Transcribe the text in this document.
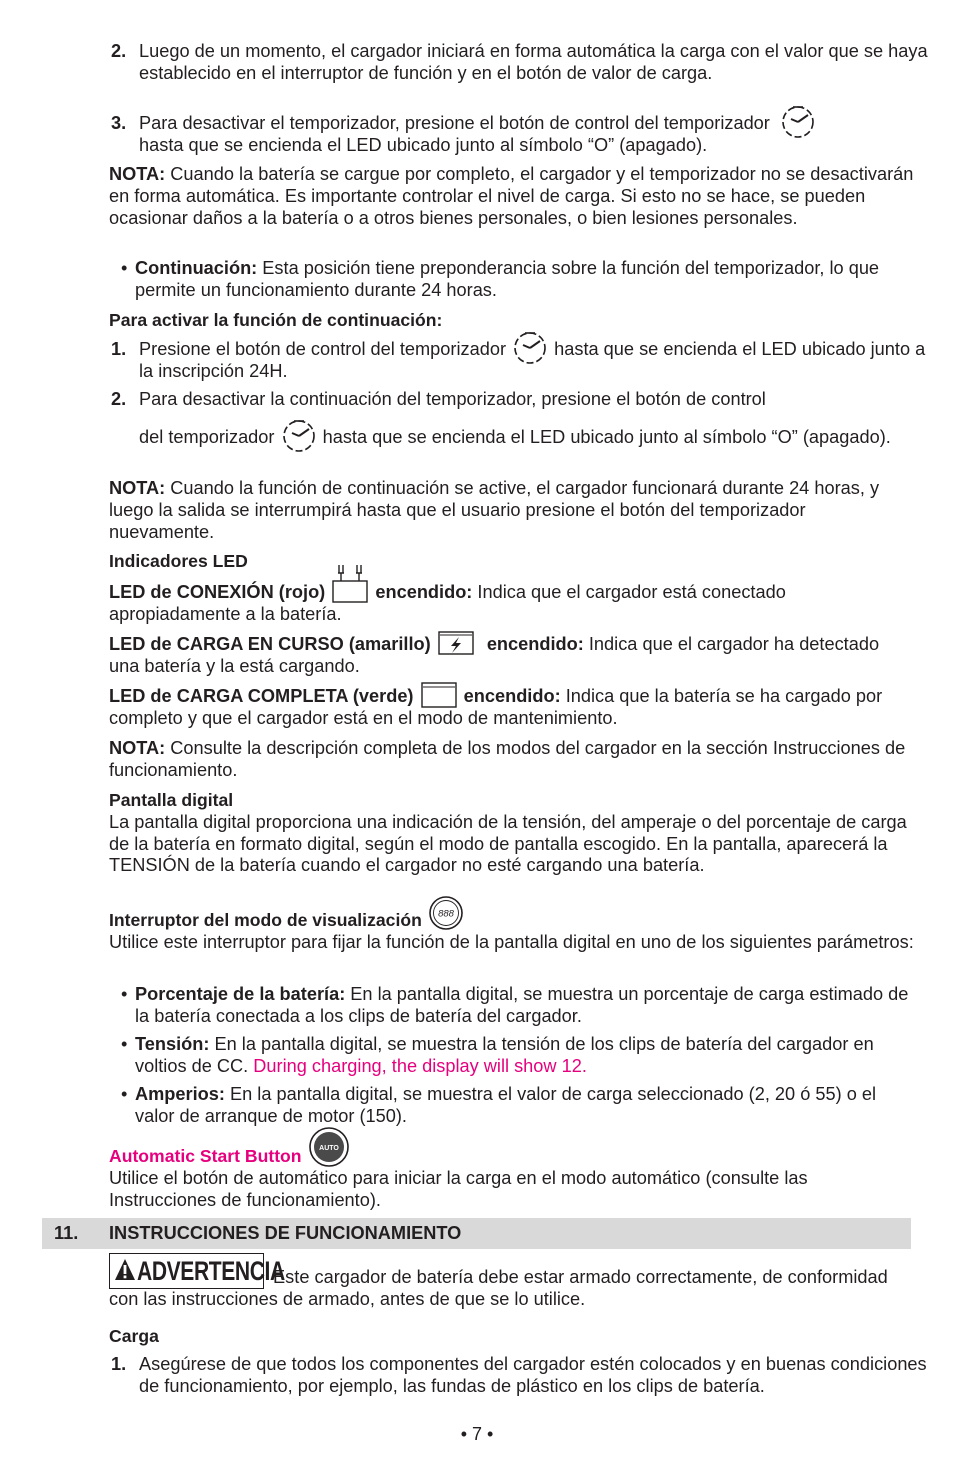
2. Luego de un momento, el cargador iniciará en forma automática la carga con el valor que se haya establecido en el interruptor de función y en el botón de valor de carga.
3. Para desactivar el temporizador, presione el botón de control del temporizador
hasta que se encienda el LED ubicado junto al símbolo “O” (apagado).
NOTA: Cuando la batería se cargue por completo, el cargador y el temporizador no se desactivarán en forma automática. Es importante controlar el nivel de carga. Si esto no se hace, se pueden ocasionar daños a la batería o a otros bienes personales, o bien lesiones personales.
• Continuación: Esta posición tiene preponderancia sobre la función del temporizador, lo que permite un funcionamiento durante 24 horas.
Para activar la función de continuación:
1. Presione el botón de control del temporizador	hasta que se encienda el LED ubicado junto a la inscripción 24H.
2. Para desactivar la continuación del temporizador, presione el botón de control

del temporizador	hasta que se encienda el LED ubicado junto al símbolo “O” (apagado).
NOTA: Cuando la función de continuación se active, el cargador funcionará durante 24 horas, y luego la salida se interrumpirá hasta que el usuario presione el botón del temporizador nuevamente.
Indicadores LED
LED de CONEXIÓN (rojo)	encendido: Indica que el cargador está conectado apropiadamente a la batería.
LED de CARGA EN CURSO (amarillo)	encendido: Indica que el cargador ha detectado una batería y la está cargando.
LED de CARGA COMPLETA (verde)	encendido: Indica que la batería se ha cargado por completo y que el cargador está en el modo de mantenimiento.
NOTA: Consulte la descripción completa de los modos del cargador en la sección Instrucciones de funcionamiento.
Pantalla digital
La pantalla digital proporciona una indicación de la tensión, del amperaje o del porcentaje de carga de la batería en formato digital, según el modo de pantalla escogido. En la pantalla, aparecerá la TENSIÓN de la batería cuando el cargador no esté cargando una batería.
Interruptor del modo de visualización 888
Utilice este interruptor para fijar la función de la pantalla digital en uno de los siguientes parámetros:
• Porcentaje de la batería: En la pantalla digital, se muestra un porcentaje de carga estimado de la batería conectada a los clips de batería del cargador.
• Tensión: En la pantalla digital, se muestra la tensión de los clips de batería del cargador en voltios de CC. During charging, the display will show 12.
• Amperios: En la pantalla digital, se muestra el valor de carga seleccionado (2, 20 ó 55) o el valor de arranque de motor (150).
Automatic Start Button AUTO
Utilice el botón de automático para iniciar la carga en el modo automático (consulte las Instrucciones de funcionamiento).
11. INSTRUCCIONES DE FUNCIONAMIENTO
ADVERTENCIA
Este cargador de batería debe estar armado correctamente, de conformidad con las instrucciones de armado, antes de que se lo utilice.
Carga
1. Asegúrese de que todos los componentes del cargador estén colocados y en buenas condiciones de funcionamiento, por ejemplo, las fundas de plástico en los clips de batería.
• 7 •
